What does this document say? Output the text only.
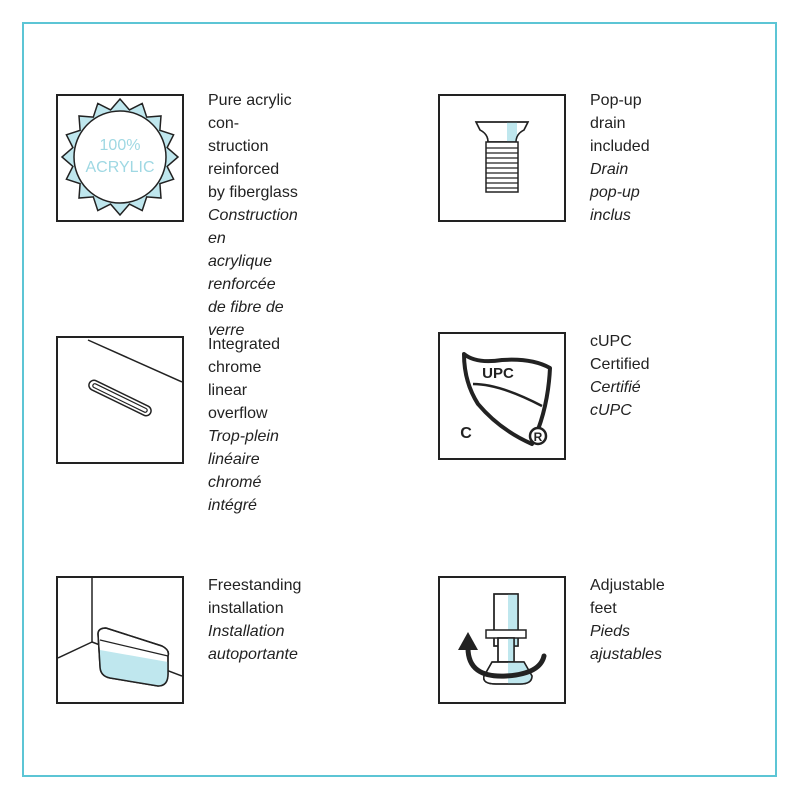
100%
ACRYLIC
Pure acrylic con-
struction reinforced
by fiberglass
Construction en
acrylique renforcée
de fibre de verre
Pop-up drain
included
Drain pop-up
inclus
Integrated chrome
linear overflow
Trop-plein linéaire
chromé intégré
UPC
C	R
cUPC Certified
Certifié cUPC
Freestanding
installation
Installation
autoportante
Adjustable feet
Pieds ajustables
